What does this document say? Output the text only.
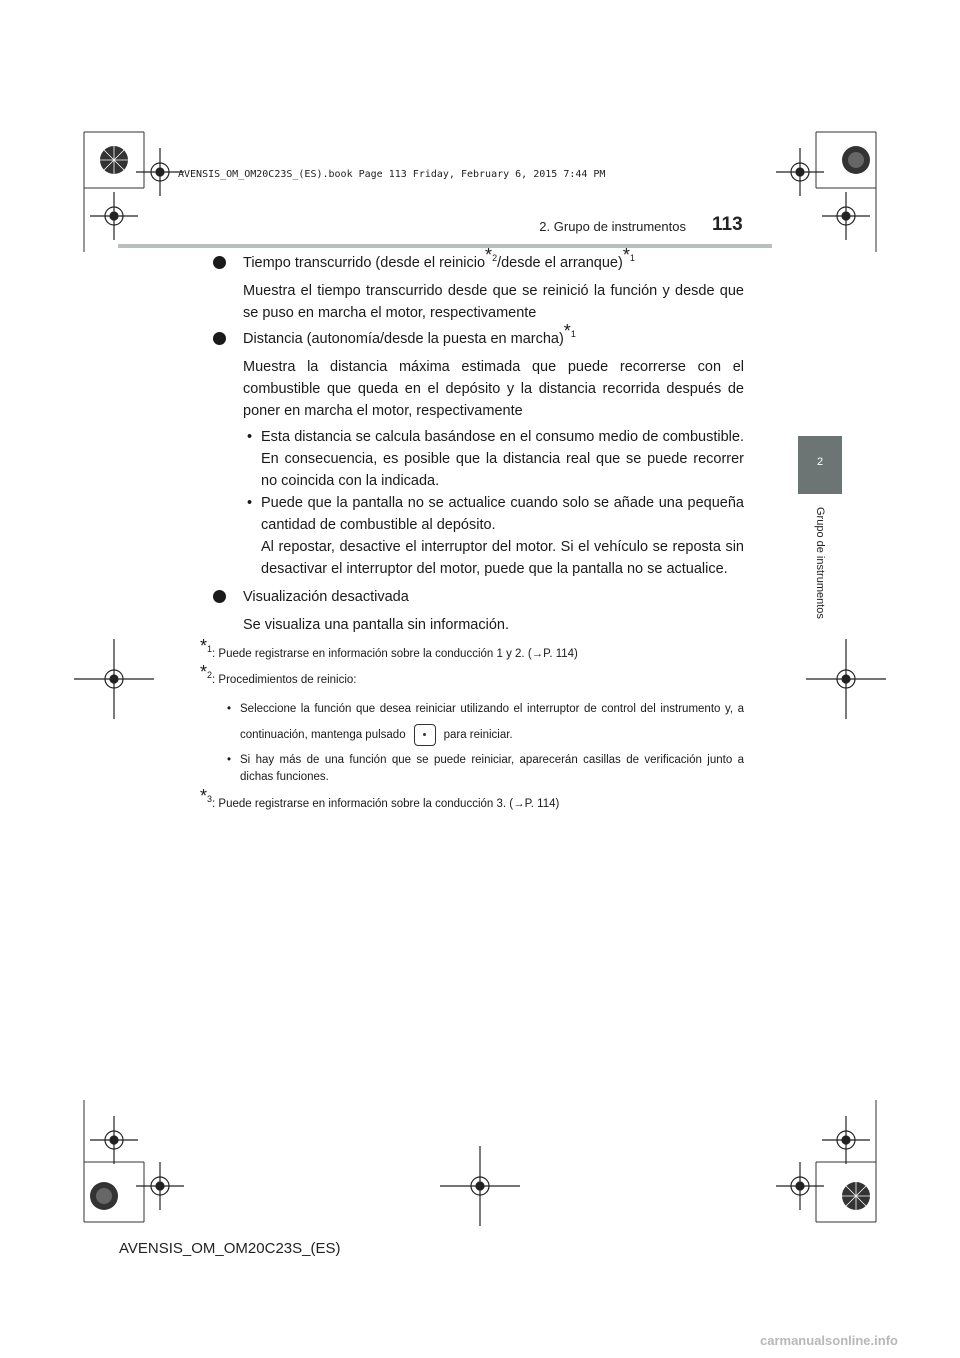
AVENSIS_OM_OM20C23S_(ES).book Page 113 Friday, February 6, 2015 7:44 PM
2. Grupo de instrumentos 113
2
Grupo de instrumentos
Tiempo transcurrido (desde el reinicio*$^2$/desde el arranque)*$^1$

Muestra el tiempo transcurrido desde que se reinició la función y desde que se puso en marcha el motor, respectivamente

Distancia (autonomía/desde la puesta en marcha)*$^1$

Muestra la distancia máxima estimada que puede recorrerse con el combustible que queda en el depósito y la distancia recorrida después de poner en marcha el motor, respectivamente

• Esta distancia se calcula basándose en el consumo medio de combustible. En consecuencia, es posible que la distancia real que se puede recorrer no coincida con la indicada.

• Puede que la pantalla no se actualice cuando solo se añade una pequeña cantidad de combustible al depósito.

Al repostar, desactive el interruptor del motor. Si el vehículo se reposta sin desactivar el interruptor del motor, puede que la pantalla no se actualice.

Visualización desactivada

Se visualiza una pantalla sin información.

*$^1$: Puede registrarse en información sobre la conducción 1 y 2. (→P. 114)

*$^2$: Procedimientos de reinicio:

• Seleccione la función que desea reiniciar utilizando el interruptor de control del instrumento y, a continuación, mantenga pulsado	para reiniciar.

• Si hay más de una función que se puede reiniciar, aparecerán casillas de verificación junto a dichas funciones.

*$^3$: Puede registrarse en información sobre la conducción 3. (→P. 114)

AVENSIS_OM_OM20C23S_(ES)
carmanualsonline.info
